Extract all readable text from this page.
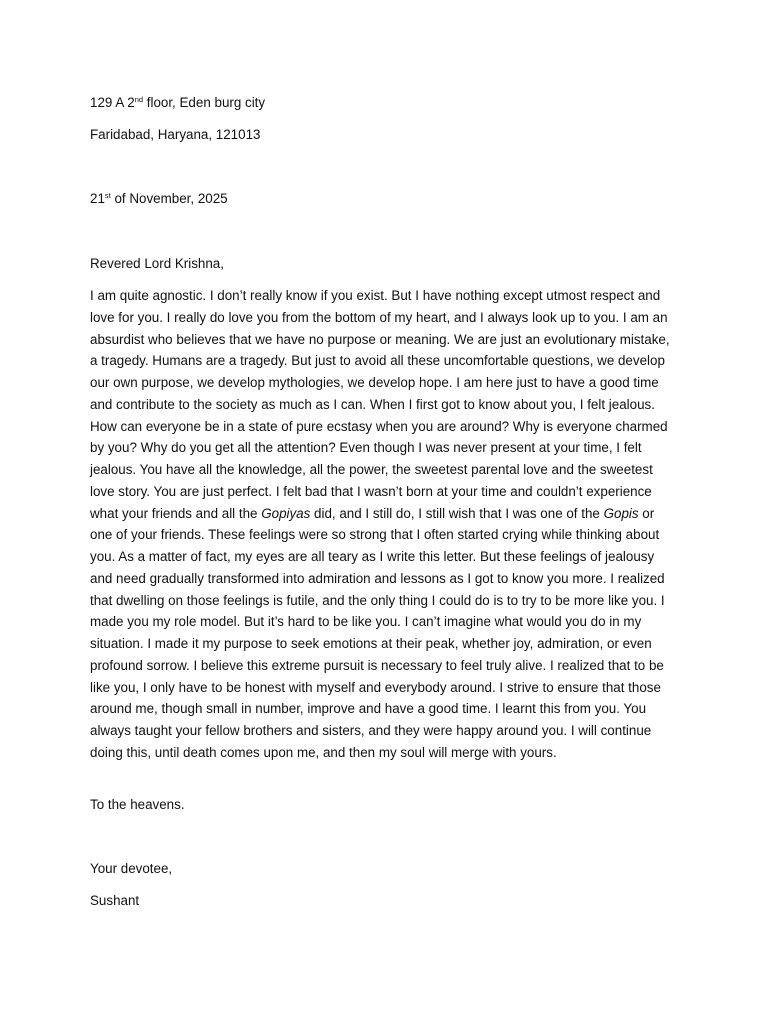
129 A 2nd floor, Eden burg city
Faridabad, Haryana, 121013
21st of November, 2025
Revered Lord Krishna,
I am quite agnostic. I don’t really know if you exist. But I have nothing except utmost respect and love for you. I really do love you from the bottom of my heart, and I always look up to you. I am an absurdist who believes that we have no purpose or meaning. We are just an evolutionary mistake, a tragedy. Humans are a tragedy. But just to avoid all these uncomfortable questions, we develop our own purpose, we develop mythologies, we develop hope. I am here just to have a good time and contribute to the society as much as I can. When I first got to know about you, I felt jealous. How can everyone be in a state of pure ecstasy when you are around? Why is everyone charmed by you? Why do you get all the attention? Even though I was never present at your time, I felt jealous. You have all the knowledge, all the power, the sweetest parental love and the sweetest love story. You are just perfect. I felt bad that I wasn’t born at your time and couldn’t experience what your friends and all the Gopiyas did, and I still do, I still wish that I was one of the Gopis or one of your friends. These feelings were so strong that I often started crying while thinking about you. As a matter of fact, my eyes are all teary as I write this letter. But these feelings of jealousy and need gradually transformed into admiration and lessons as I got to know you more. I realized that dwelling on those feelings is futile, and the only thing I could do is to try to be more like you. I made you my role model. But it’s hard to be like you. I can’t imagine what would you do in my situation. I made it my purpose to seek emotions at their peak, whether joy, admiration, or even profound sorrow. I believe this extreme pursuit is necessary to feel truly alive. I realized that to be like you, I only have to be honest with myself and everybody around. I strive to ensure that those around me, though small in number, improve and have a good time. I learnt this from you. You always taught your fellow brothers and sisters, and they were happy around you. I will continue doing this, until death comes upon me, and then my soul will merge with yours.
To the heavens.
Your devotee,
Sushant
